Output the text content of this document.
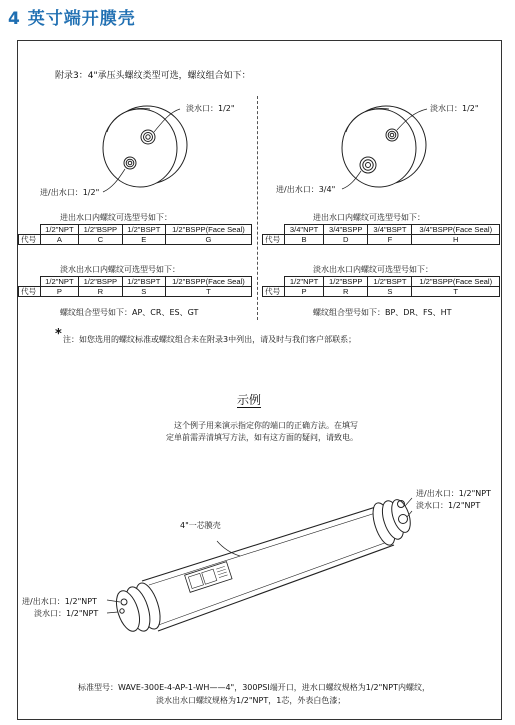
4 英寸端开膜壳
附录3：4"承压头螺纹类型可选，螺纹组合如下：
淡水口：1/2"
进/出水口：1/2"
淡水口：1/2"
进/出水口：3/4"
进出水口内螺纹可选型号如下：
	1/2"NPT	1/2"BSPP	1/2"BSPT	1/2"BSPP(Face Seal)
代号	A	C	E	G
淡水出水口内螺纹可选型号如下：
	1/2"NPT	1/2"BSPP	1/2"BSPT	1/2"BSPP(Face Seal)
代号	P	R	S	T
螺纹组合型号如下：AP、CR、ES、GT
进出水口内螺纹可选型号如下：
	3/4"NPT	3/4"BSPP	3/4"BSPT	3/4"BSPP(Face Seal)
代号	B	D	F	H
淡水出水口内螺纹可选型号如下：
	1/2"NPT	1/2"BSPP	1/2"BSPT	1/2"BSPP(Face Seal)
代号	P	R	S	T
螺纹组合型号如下：BP、DR、FS、HT
* 注：如您选用的螺纹标准或螺纹组合未在附录3中列出，请及时与我们客户部联系；
示例
这个例子用来演示指定你的端口的正确方法。在填写
定单前需弄清填写方法，如有这方面的疑问，请致电。
4"一芯膜壳
进/出水口：1/2"NPT
淡水口：1/2"NPT
进/出水口：1/2"NPT
淡水口：1/2"NPT
标准型号：WAVE-300E-4-AP-1-WH——4"，300PSI端开口，进水口螺纹规格为1/2"NPT内螺纹，
淡水出水口螺纹规格为1/2"NPT，1芯，外表白色漆；
